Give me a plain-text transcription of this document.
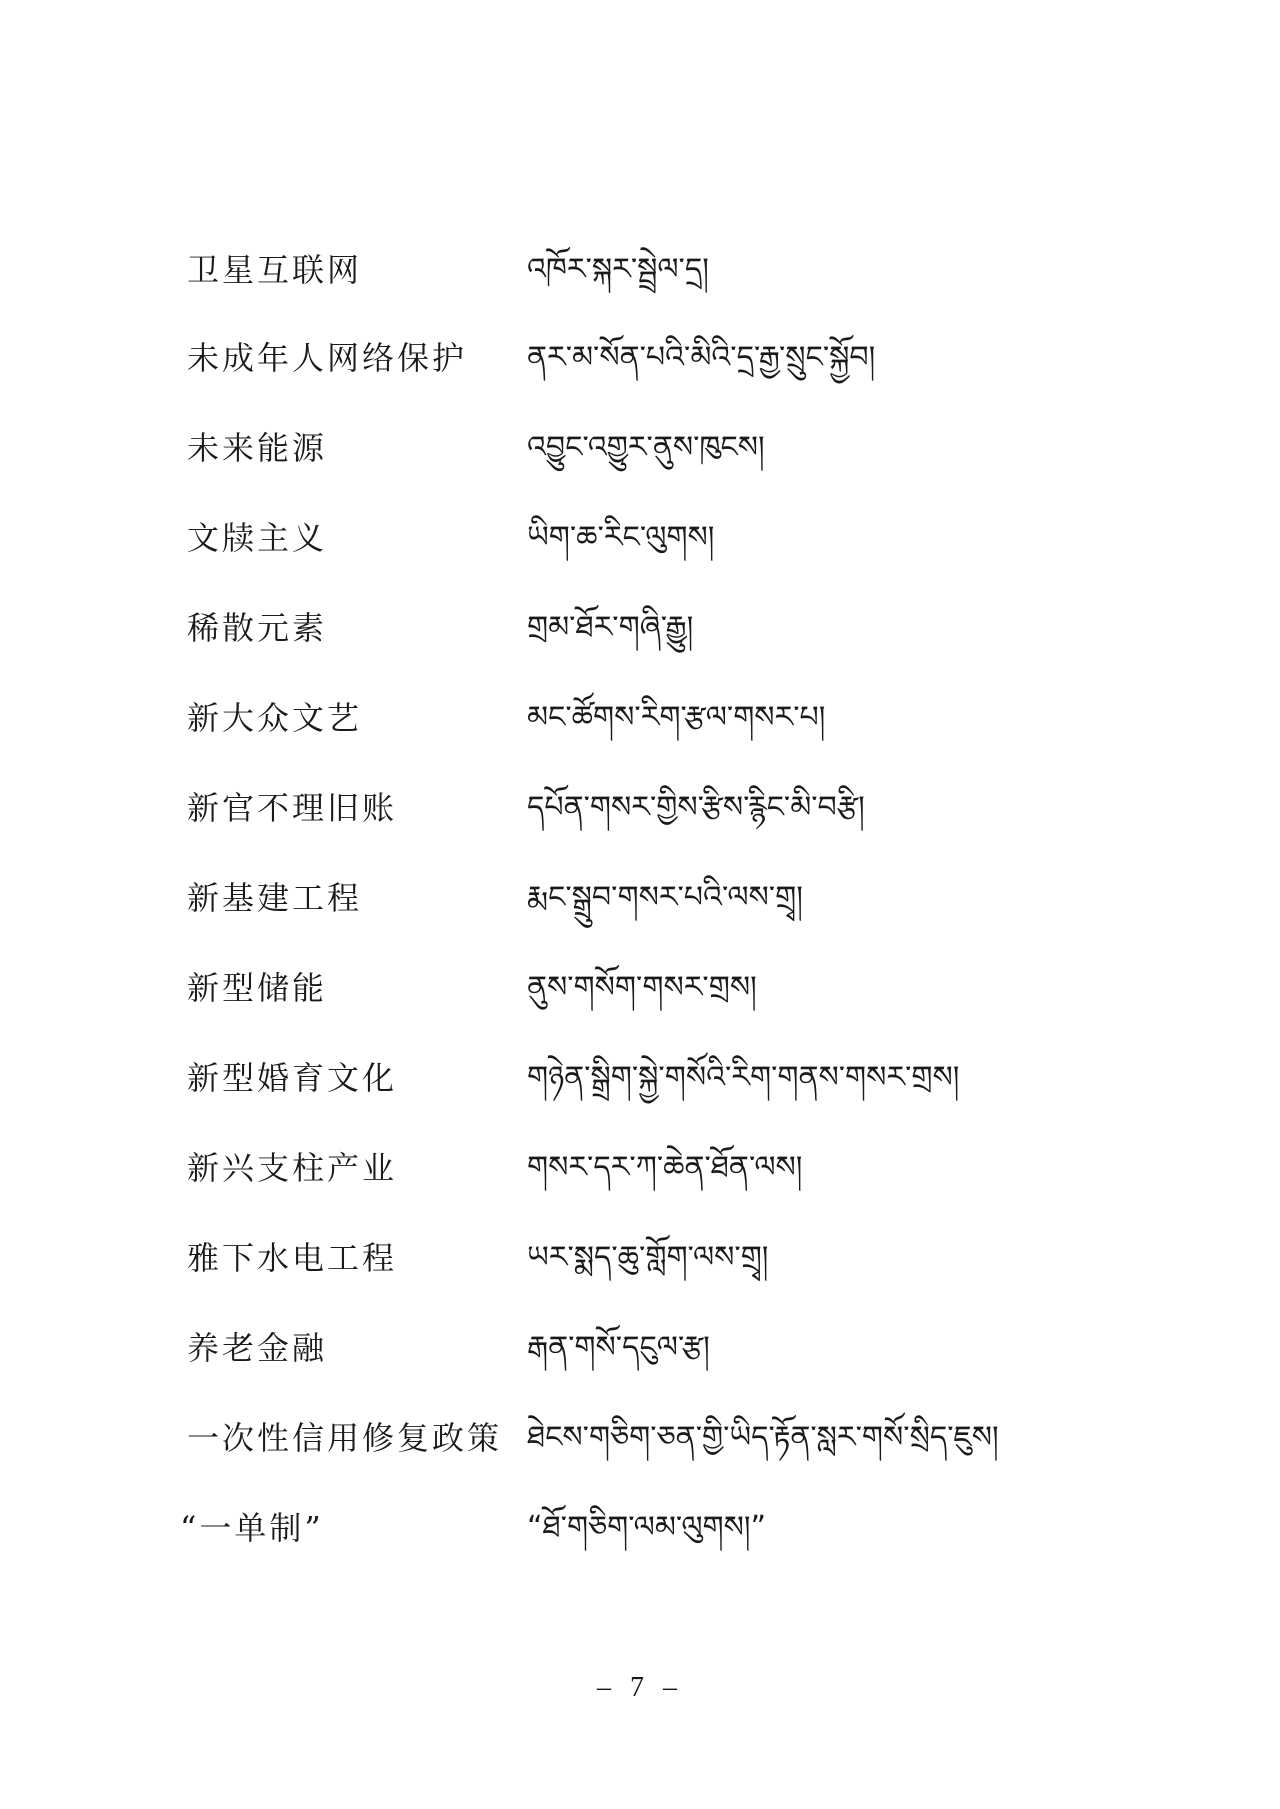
卫星互联网	འཁོར་སྐར་སྦྲེལ་དྲ།
未成年人网络保护 ནར་མ་སོན་པའི་མིའི་དྲ་རྒྱ་སྲུང་སྐྱོབ།
未来能源	འབྱུང་འགྱུར་ནུས་ཁུངས།
文牍主义	ཡིག་ཆ་རིང་ལུགས།
稀散元素	གྲམ་ཐོར་གཞི་རྒྱུ།
新大众文艺	མང་ཚོགས་རིག་རྩལ་གསར་པ།
新官不理旧账	དཔོན་གསར་གྱིས་རྩིས་རྙིང་མི་བརྩི།
新基建工程	རྨང་སྒྲུབ་གསར་པའི་ལས་གྲྭ།
新型储能	ནུས་གསོག་གསར་གྲས།
新型婚育文化	གཉེན་སྒྲིག་སྐྱེ་གསོའི་རིག་གནས་གསར་གྲས།
新兴支柱产业	གསར་དར་ཀ་ཆེན་ཐོན་ལས།
雅下水电工程	ཡར་སྨད་ཆུ་གློག་ལས་གྲྭ།
养老金融	རྒན་གསོ་དངུལ་རྩ།
一次性信用修复政策 ཐེངས་གཅིག་ཅན་གྱི་ཡིད་རྟོན་སླར་གསོ་སྲིད་ཇུས།
“一单制”	“ཐོ་གཅིག་ལམ་ལུགས།”
– 7 –
